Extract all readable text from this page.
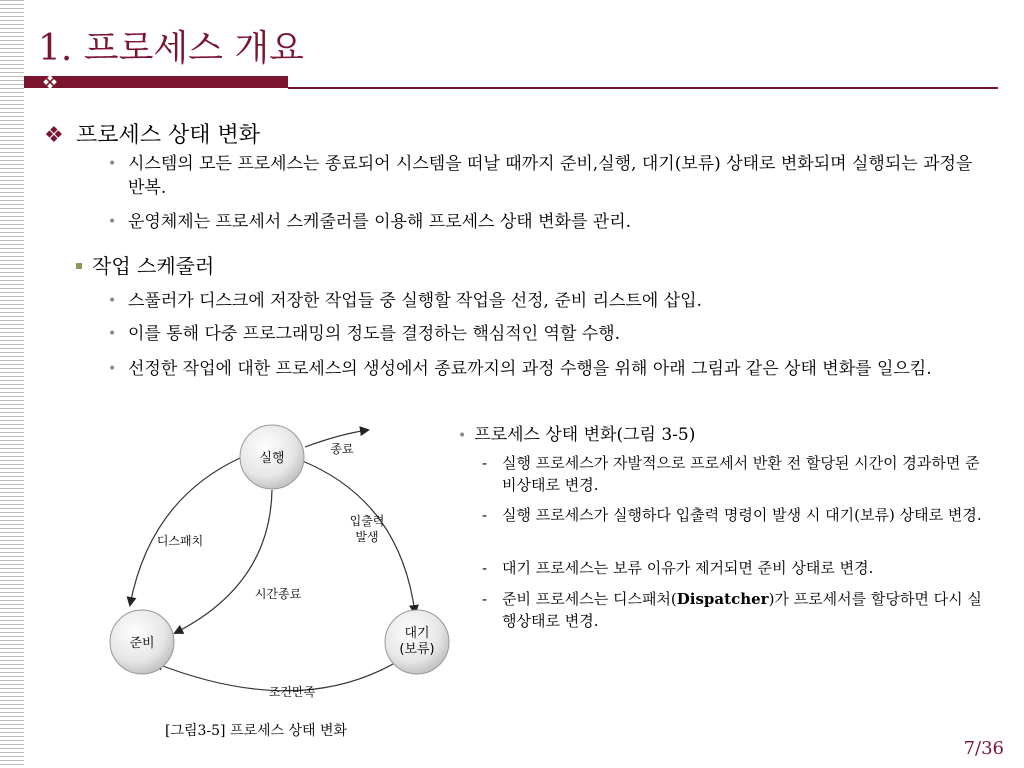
1. 프로세스 개요
❖ 프로세스 상태 변화
• 시스템의 모든 프로세스는 종료되어 시스템을 떠날 때까지 준비,실행, 대기(보류) 상태로 변화되며 실행되는 과정을 반복.
• 운영체제는 프로세서 스케줄러를 이용해 프로세스 상태 변화를 관리.
작업 스케줄러
• 스풀러가 디스크에 저장한 작업들 중 실행할 작업을 선정, 준비 리스트에 삽입.
• 이를 통해 다중 프로그래밍의 정도를 결정하는 핵심적인 역할 수행.
• 선정한 작업에 대한 프로세스의 생성에서 종료까지의 과정 수행을 위해 아래 그림과 같은 상태 변화를 일으킴.
실행
준비
대기
(보류)
종료
입출력
발생
디스패치
시간종료
조건만족
[그림3-5] 프로세스 상태 변화
• 프로세스 상태 변화(그림 3-5)
- 실행 프로세스가 자발적으로 프로세서 반환 전 할당된 시간이 경과하면 준비상태로 변경.
- 실행 프로세스가 실행하다 입출력 명령이 발생 시 대기(보류) 상태로 변경.
- 대기 프로세스는 보류 이유가 제거되면 준비 상태로 변경.
- 준비 프로세스는 디스패처(Dispatcher)가 프로세서를 할당하면 다시 실행상태로 변경.
7/36
